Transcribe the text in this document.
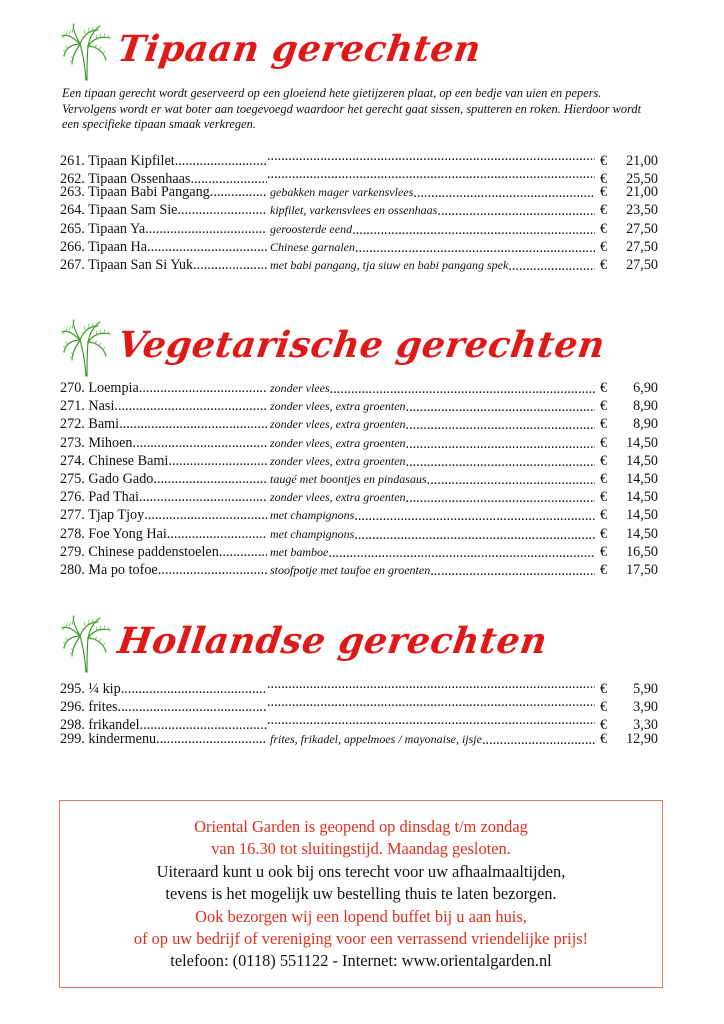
Tipaan gerechten

Een tipaan gerecht wordt geserveerd op een gloeiend hete gietijzeren plaat, op een bedje van uien en pepers. Vervolgens wordt er wat boter aan toegevoegd waardoor het gerecht gaat sissen, sputteren en roken. Hierdoor wordt een specifieke tipaan smaak verkregen.

261. Tipaan Kipfilet ..... .....	€ 21,00
262. Tipaan Ossenhaas ..... .....	€ 25,50
263. Tipaan Babi Pangang .....	gebakken mager varkensvlees .....	€ 21,00
264. Tipaan Sam Sie .....	kipfilet, varkensvlees en ossenhaas .....	€ 23,50
265. Tipaan Ya .....	geroosterde eend .....	€ 27,50
266. Tipaan Ha .....	Chinese garnalen .....	€ 27,50
267. Tipaan San Si Yuk .....	met babi pangang, tja siuw en babi pangang spek .....	€ 27,50
Vegetarische gerechten
270. Loempia .....	zonder vlees .....	€ 6,90
271. Nasi .....	zonder vlees, extra groenten .....	€ 8,90
272. Bami .....	zonder vlees, extra groenten .....	€ 8,90
273. Mihoen .....	zonder vlees, extra groenten .....	€ 14,50
274. Chinese Bami .....	zonder vlees, extra groenten .....	€ 14,50
275. Gado Gado .....	taugé met boontjes en pindasaus .....	€ 14,50
276. Pad Thai .....	zonder vlees, extra groenten .....	€ 14,50
277. Tjap Tjoy .....	met champignons .....	€ 14,50
278. Foe Yong Hai .....	met champignons .....	€ 14,50
279. Chinese paddenstoelen .....	met bamboe .....	€ 16,50
280. Ma po tofoe .....	stoofpotje met taufoe en groenten .....	€ 17,50
Hollandse gerechten
295. ¼ kip ..... .....	€ 5,90
296. frites ..... .....	€ 3,90
298. frikandel ..... .....	€ 3,30
299. kindermenu .....	frites, frikadel, appelmoes / mayonaise, ijsje .....	€ 12,90

Oriental Garden is geopend op dinsdag t/m zondag

van 16.30 tot sluitingstijd. Maandag gesloten.

Uiteraard kunt u ook bij ons terecht voor uw afhaalmaaltijden,

tevens is het mogelijk uw bestelling thuis te laten bezorgen.

Ook bezorgen wij een lopend buffet bij u aan huis,

of op uw bedrijf of vereniging voor een verrassend vriendelijke prijs!

telefoon: (0118) 551122 - Internet: www.orientalgarden.nl
